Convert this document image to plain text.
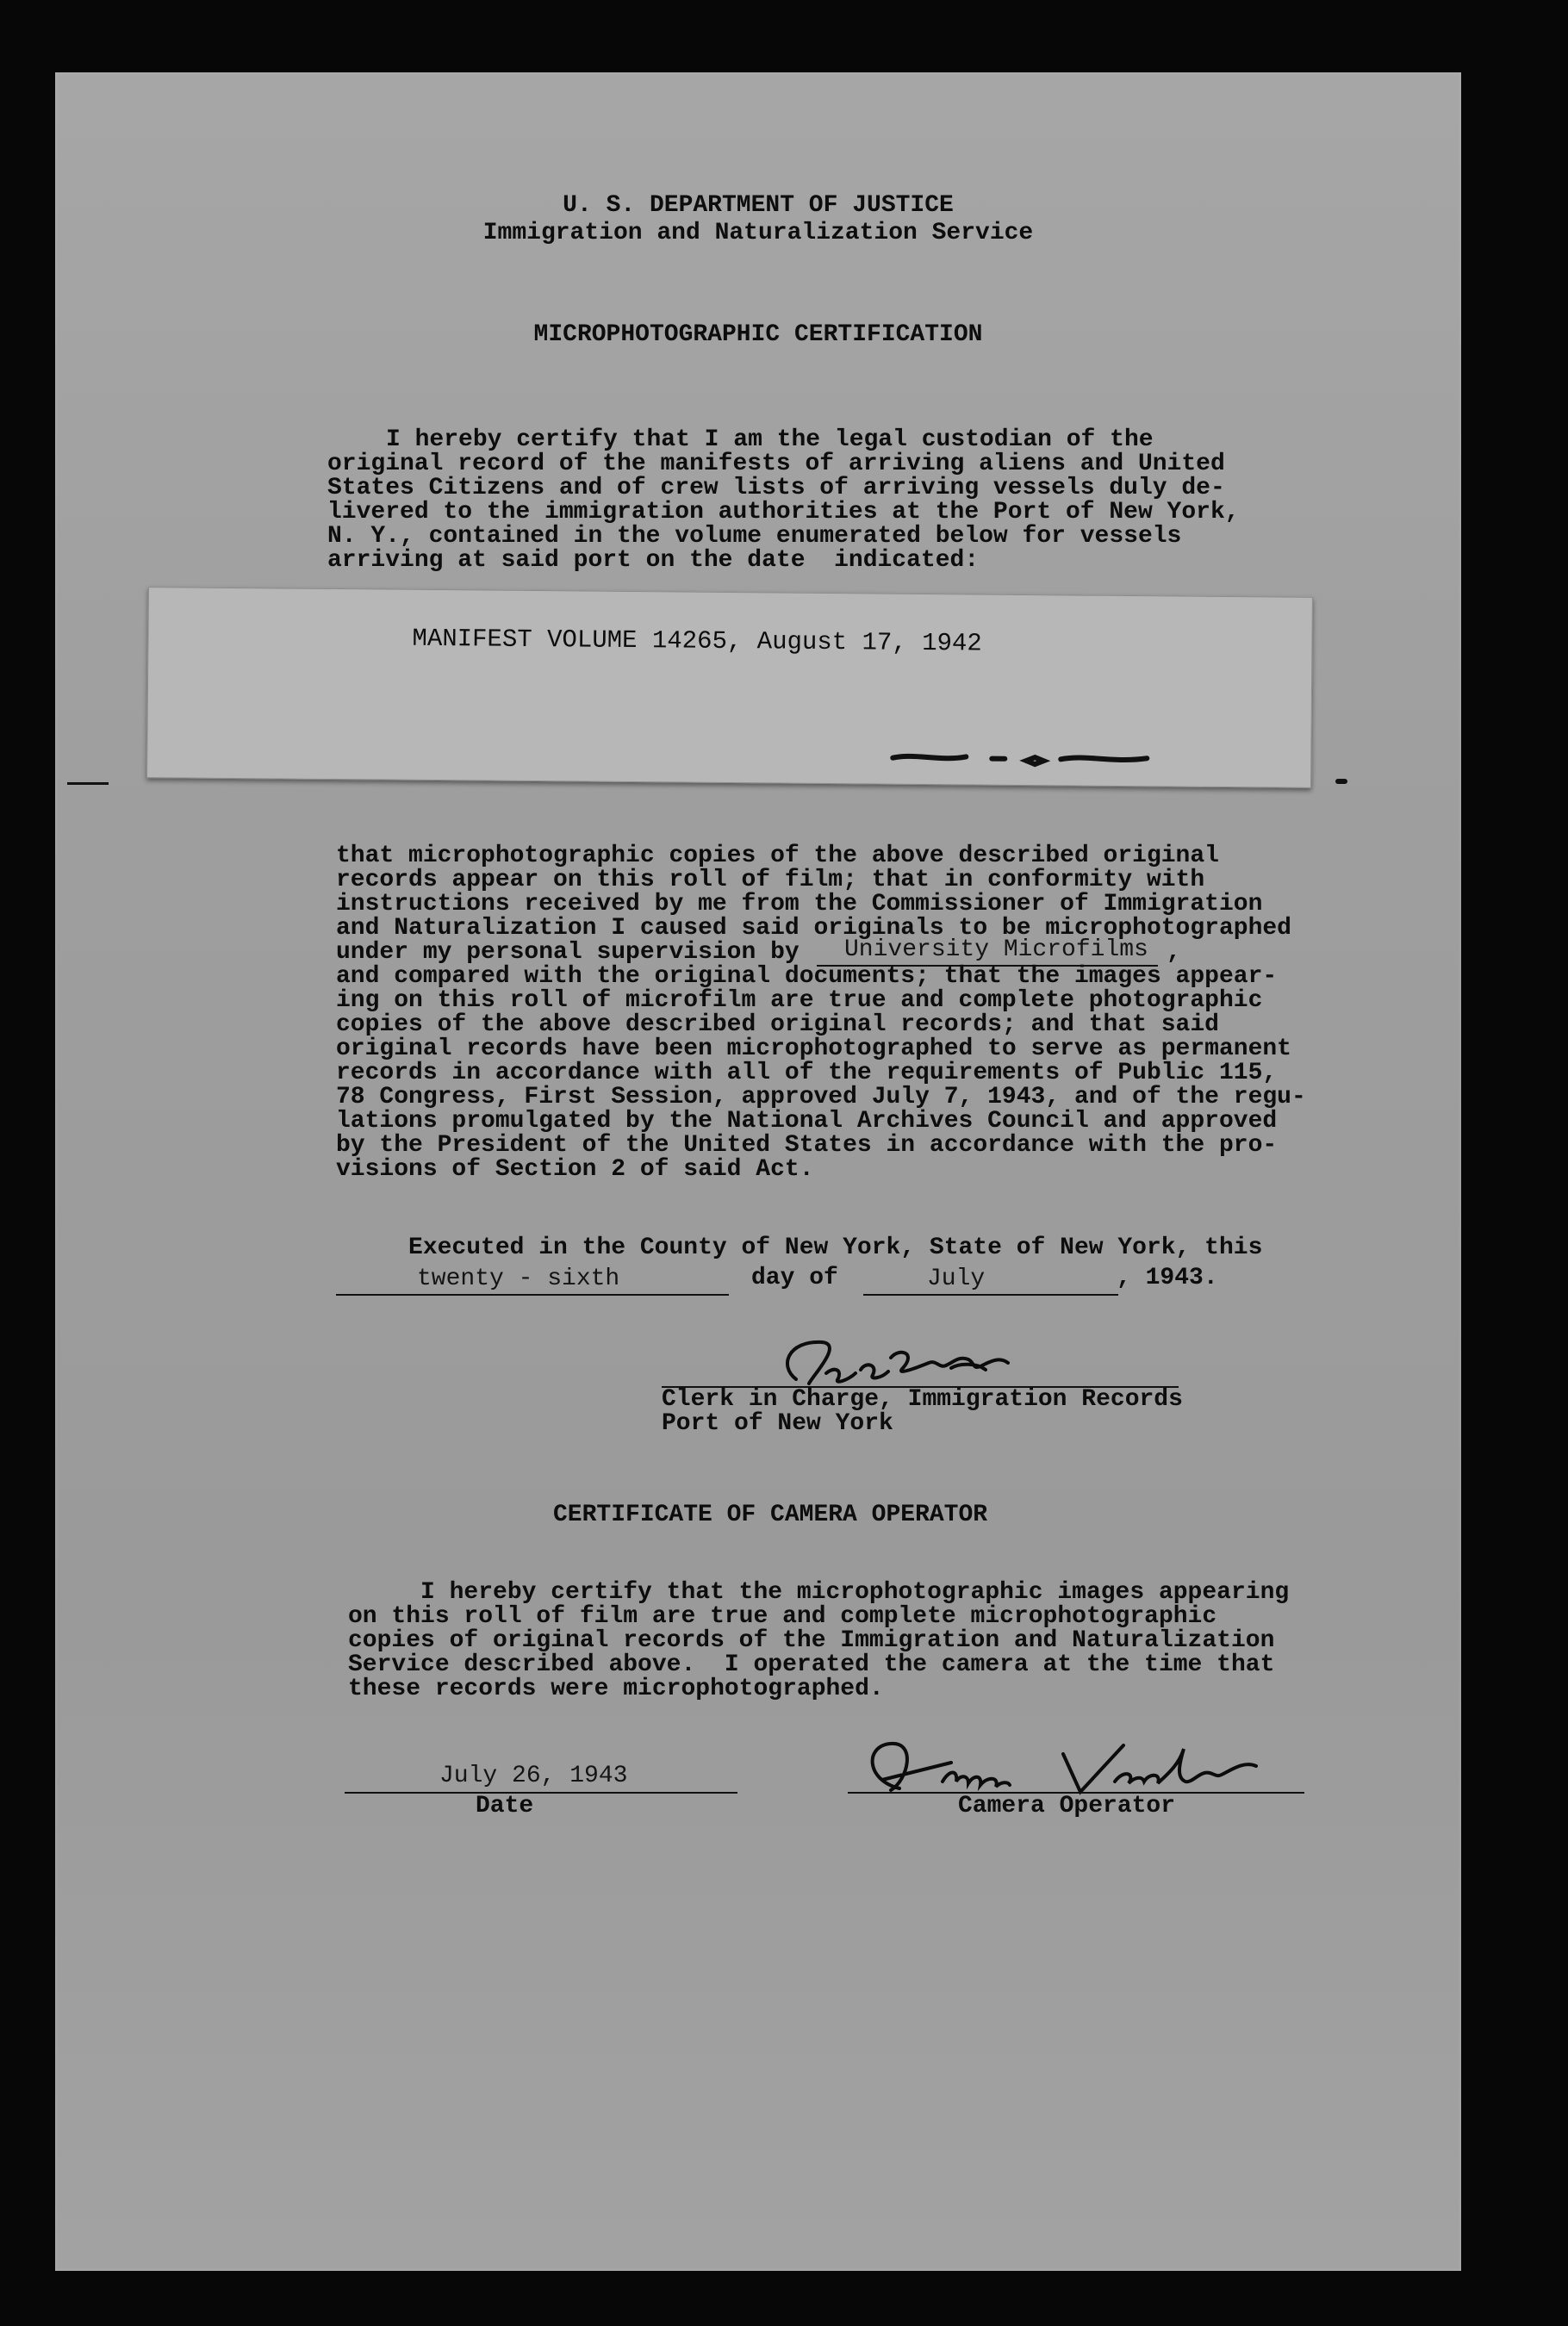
U. S. DEPARTMENT OF JUSTICE
Immigration and Naturalization Service
MICROPHOTOGRAPHIC CERTIFICATION
I hereby certify that I am the legal custodian of the
original record of the manifests of arriving aliens and United
States Citizens and of crew lists of arriving vessels duly de-
livered to the immigration authorities at the Port of New York,
N. Y., contained in the volume enumerated below for vessels
arriving at said port on the date  indicated:
MANIFEST VOLUME 14265, August 17, 1942
that microphotographic copies of the above described original
records appear on this roll of film; that in conformity with
instructions received by me from the Commissioner of Immigration
and Naturalization I caused said originals to be microphotographed
under my personal supervision by University Microfilms ,
and compared with the original documents; that the images appear-
ing on this roll of microfilm are true and complete photographic
copies of the above described original records; and that said
original records have been microphotographed to serve as permanent
records in accordance with all of the requirements of Public 115,
78 Congress, First Session, approved July 7, 1943, and of the regu-
lations promulgated by the National Archives Council and approved
by the President of the United States in accordance with the pro-
visions of Section 2 of said Act.
Executed in the County of New York, State of New York, this
twenty - sixth	day of	July	, 1943.
Clerk in Charge, Immigration Records
Port of New York
CERTIFICATE OF CAMERA OPERATOR
I hereby certify that the microphotographic images appearing
on this roll of film are true and complete microphotographic
copies of original records of the Immigration and Naturalization
Service described above.  I operated the camera at the time that
these records were microphotographed.
July 26, 1943
Date	Camera Operator
